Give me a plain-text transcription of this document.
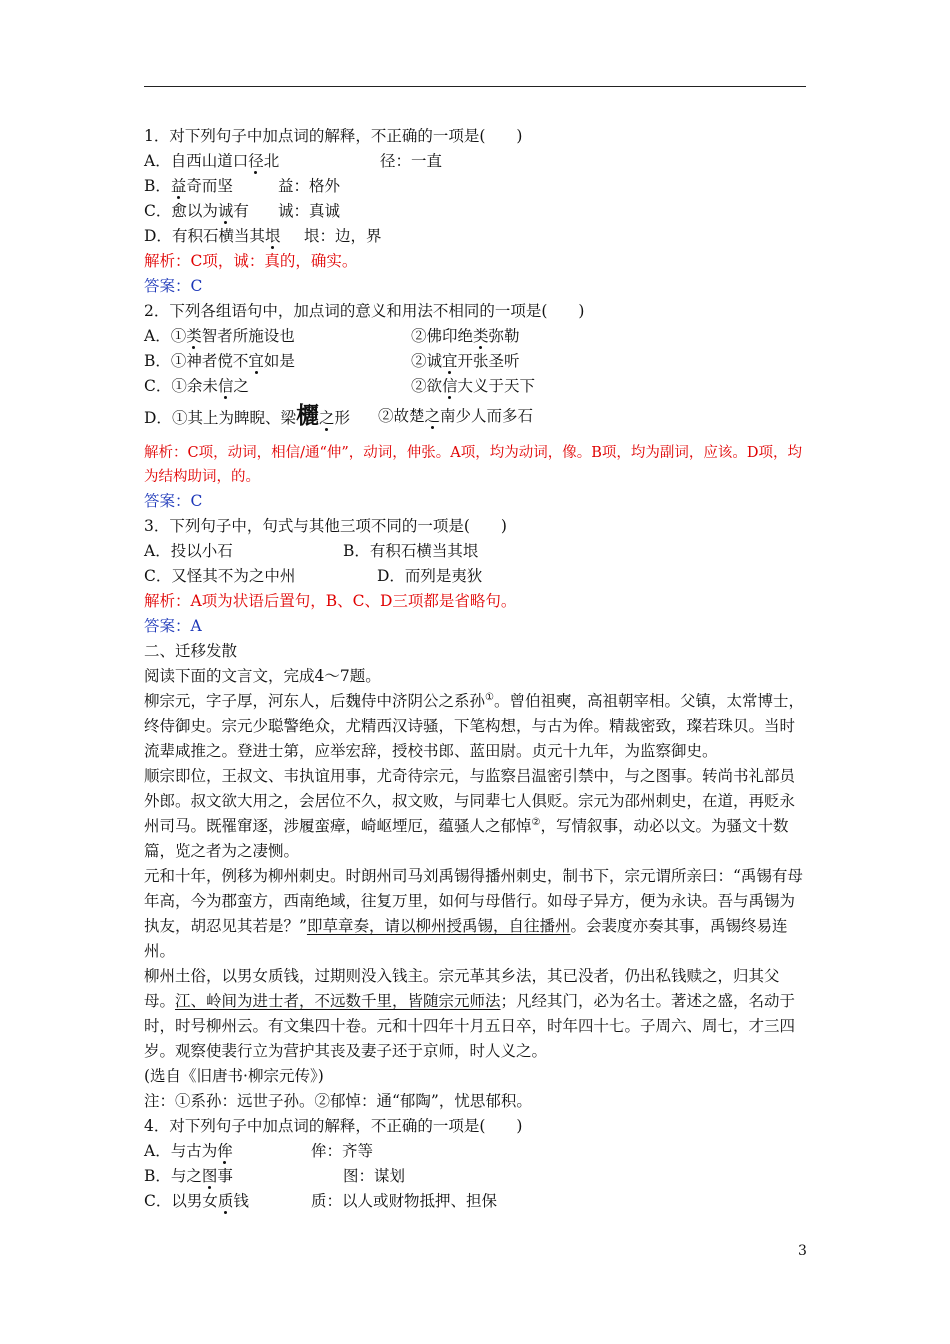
1．对下列句子中加点词的解释，不正确的一项是(　　)
A．自西山道口径北	径：一直
B．益奇而坚	益：格外
C．愈以为诚有 诚：真诚
D．有积石横当其垠 垠：边，界
解析：C项，诚：真的，确实。
答案：C
2．下列各组语句中，加点词的意义和用法不相同的一项是(　　)
A．①类智者所施设也	②佛印绝类弥勒
B．①神者傥不宜如是	②诚宜开张圣听
C．①余未信之	②欲信大义于天下
D．①其上为睥睨、梁欐之形 ②故楚之南少人而多石
解析：C项，动词，相信/通“伸”，动词，伸张。A项，均为动词，像。B项，均为副词，应该。D项，均为结构助词，的。
答案：C
3．下列句子中，句式与其他三项不同的一项是(　　)
A．投以小石	B．有积石横当其垠
C．又怪其不为之中州	D．而列是夷狄
解析：A项为状语后置句，B、C、D三项都是省略句。
答案：A
二、迁移发散
阅读下面的文言文，完成4～7题。
柳宗元，字子厚，河东人，后魏侍中济阴公之系孙①。曾伯祖奭，高祖朝宰相。父镇，太常博士，终侍御史。宗元少聪警绝众，尤精西汉诗骚，下笔构想，与古为侔。精裁密致，璨若珠贝。当时流辈咸推之。登进士第，应举宏辞，授校书郎、蓝田尉。贞元十九年，为监察御史。
顺宗即位，王叔文、韦执谊用事，尤奇待宗元，与监察吕温密引禁中，与之图事。转尚书礼部员外郎。叔文欲大用之，会居位不久，叔文败，与同辈七人俱贬。宗元为邵州刺史，在道，再贬永州司马。既罹窜逐，涉履蛮瘴，崎岖堙厄，蕴骚人之郁悼②，写情叙事，动必以文。为骚文十数篇，览之者为之凄恻。
元和十年，例移为柳州刺史。时朗州司马刘禹锡得播州刺史，制书下，宗元谓所亲曰：“禹锡有母年高，今为郡蛮方，西南绝域，往复万里，如何与母偕行。如母子异方，便为永诀。吾与禹锡为执友，胡忍见其若是？”即草章奏，请以柳州授禹锡，自往播州。会裴度亦奏其事，禹锡终易连州。
柳州土俗，以男女质钱，过期则没入钱主。宗元革其乡法，其已没者，仍出私钱赎之，归其父母。江、岭间为进士者，不远数千里，皆随宗元师法；凡经其门，必为名士。著述之盛，名动于时，时号柳州云。有文集四十卷。元和十四年十月五日卒，时年四十七。子周六、周七，才三四岁。观察使裴行立为营护其丧及妻子还于京师，时人义之。
(选自《旧唐书·柳宗元传》)
注：①系孙：远世子孙。②郁悼：通“郁陶”，忧思郁积。
4．对下列句子中加点词的解释，不正确的一项是(　　)
A．与古为侔	侔：齐等
B．与之图事	图：谋划
C．以男女质钱	质：以人或财物抵押、担保
3
